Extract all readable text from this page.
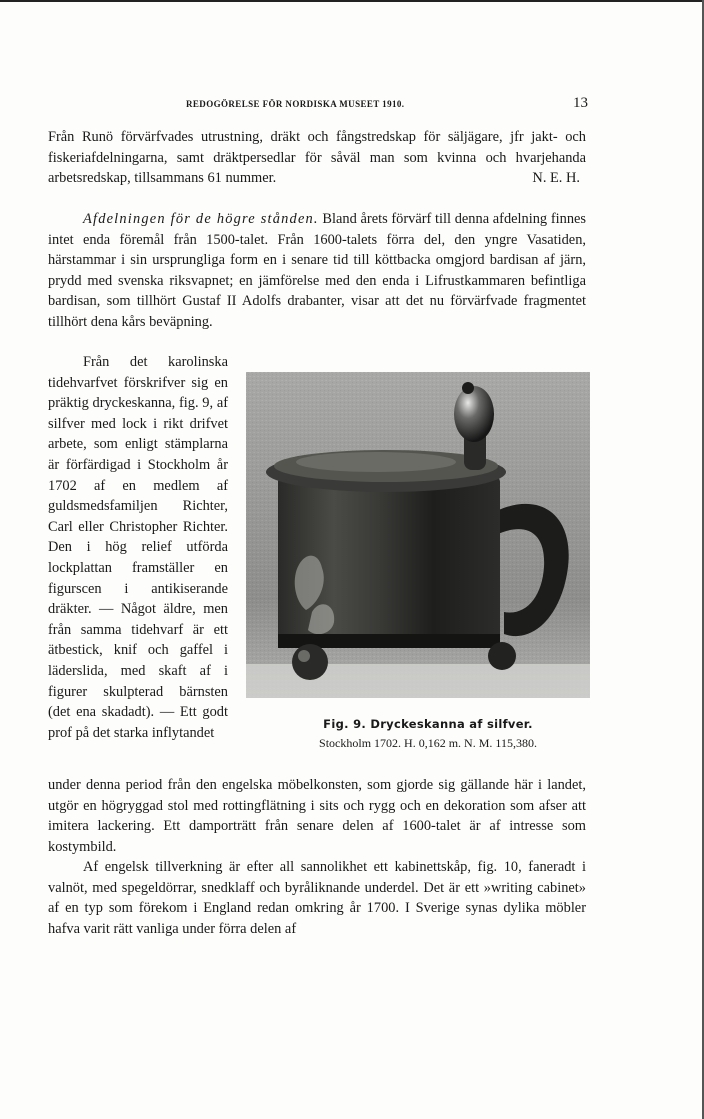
REDOGÖRELSE FÖR NORDISKA MUSEET 1910.	13

Från Runö förvärfvades utrustning, dräkt och fångstredskap för säljägare, jfr jakt- och fiskeriafdelningarna, samt dräktpersedlar för såväl man som kvinna och hvarjehanda arbetsredskap, tillsammans 61 nummer.	N. E. H.

Afdelningen för de högre stånden. Bland årets förvärf till denna afdelning finnes intet enda föremål från 1500-talet. Från 1600-talets förra del, den yngre Vasatiden, härstammar i sin ursprungliga form en i senare tid till köttbacka omgjord bardisan af järn, prydd med svenska riksvapnet; en jämförelse med den enda i Lifrustkammaren befintliga bardisan, som tillhört Gustaf II Adolfs drabanter, visar att det nu förvärfvade fragmentet tillhört dena kårs beväpning.

Från det karolinska tidehvarfvet förskrifver sig en präktig dryckeskanna, fig. 9, af silfver med lock i rikt drifvet arbete, som enligt stämplarna är förfärdigad i Stockholm år 1702 af en medlem af guldsmedsfamiljen Richter, Carl eller Christopher Richter. Den i hög relief utförda lockplattan framställer en figurscen i antikiserande dräkter. — Något äldre, men från samma tidehvarf är ett ätbestick, knif och gaffel i läderslida, med skaft af i figurer skulpterad bärnsten (det ena skadadt). — Ett godt prof på det starka inflytandet

Fig. 9. Dryckeskanna af silfver.
Stockholm 1702. H. 0,162 m. N. M. 115,380.

under denna period från den engelska möbelkonsten, som gjorde sig gällande här i landet, utgör en högryggad stol med rottingflätning i sits och rygg och en dekoration som afser att imitera lackering. Ett damporträtt från senare delen af 1600-talet är af intresse som kostymbild.

Af engelsk tillverkning är efter all sannolikhet ett kabinettskåp, fig. 10, faneradt i valnöt, med spegeldörrar, snedklaff och byråliknande underdel. Det är ett »writing cabinet» af en typ som förekom i England redan omkring år 1700. I Sverige synas dylika möbler hafva varit rätt vanliga under förra delen af
